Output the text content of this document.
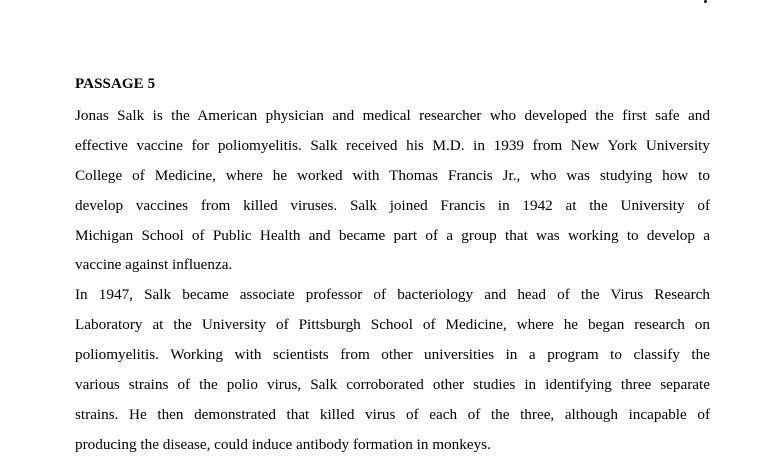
PASSAGE 5
Jonas Salk is the American physician and medical researcher who developed the first safe and
effective vaccine for poliomyelitis. Salk received his M.D. in 1939 from New York University
College of Medicine, where he worked with Thomas Francis Jr., who was studying how to
develop vaccines from killed viruses. Salk joined Francis in 1942 at the University of
Michigan School of Public Health and became part of a group that was working to develop a
vaccine against influenza.
In 1947, Salk became associate professor of bacteriology and head of the Virus Research
Laboratory at the University of Pittsburgh School of Medicine, where he began research on
poliomyelitis. Working with scientists from other universities in a program to classify the
various strains of the polio virus, Salk corroborated other studies in identifying three separate
strains. He then demonstrated that killed virus of each of the three, although incapable of
producing the disease, could induce antibody formation in monkeys.
